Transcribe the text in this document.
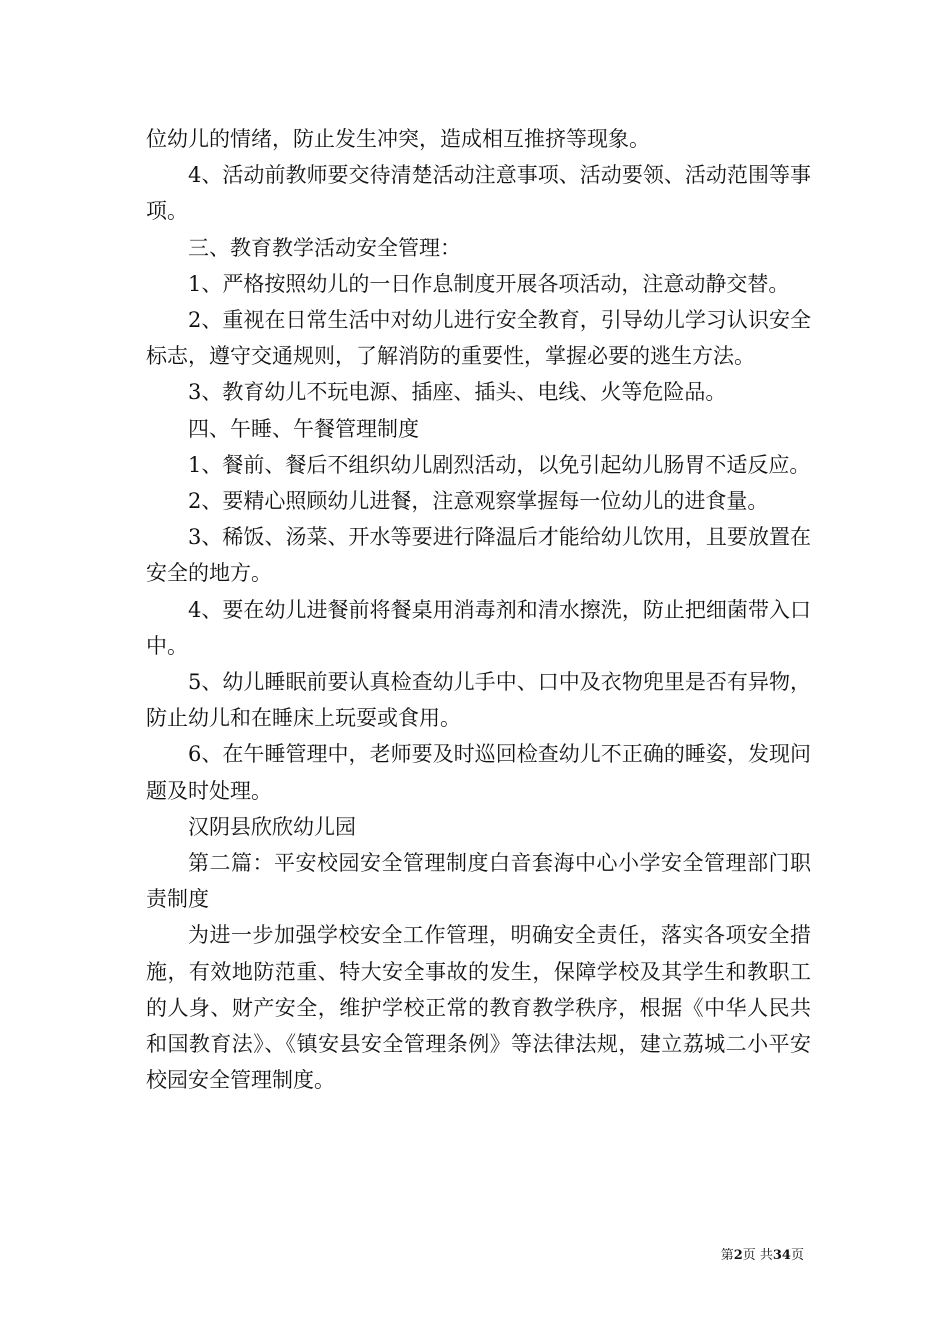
位幼儿的情绪，防止发生冲突，造成相互推挤等现象。

4、活动前教师要交待清楚活动注意事项、活动要领、活动范围等事项。

三、教育教学活动安全管理：

1、严格按照幼儿的一日作息制度开展各项活动，注意动静交替。

2、重视在日常生活中对幼儿进行安全教育，引导幼儿学习认识安全标志，遵守交通规则，了解消防的重要性，掌握必要的逃生方法。

3、教育幼儿不玩电源、插座、插头、电线、火等危险品。

四、午睡、午餐管理制度

1、餐前、餐后不组织幼儿剧烈活动，以免引起幼儿肠胃不适反应。

2、要精心照顾幼儿进餐，注意观察掌握每一位幼儿的进食量。

3、稀饭、汤菜、开水等要进行降温后才能给幼儿饮用，且要放置在安全的地方。

4、要在幼儿进餐前将餐桌用消毒剂和清水擦洗，防止把细菌带入口中。

5、幼儿睡眠前要认真检查幼儿手中、口中及衣物兜里是否有异物，防止幼儿和在睡床上玩耍或食用。

6、在午睡管理中，老师要及时巡回检查幼儿不正确的睡姿，发现问题及时处理。

汉阴县欣欣幼儿园

第二篇：平安校园安全管理制度白音套海中心小学安全管理部门职责制度

为进一步加强学校安全工作管理，明确安全责任，落实各项安全措施，有效地防范重、特大安全事故的发生，保障学校及其学生和教职工的人身、财产安全，维护学校正常的教育教学秩序，根据《中华人民共和国教育法》、《镇安县安全管理条例》等法律法规，建立荔城二小平安校园安全管理制度。

第2页 共34页
